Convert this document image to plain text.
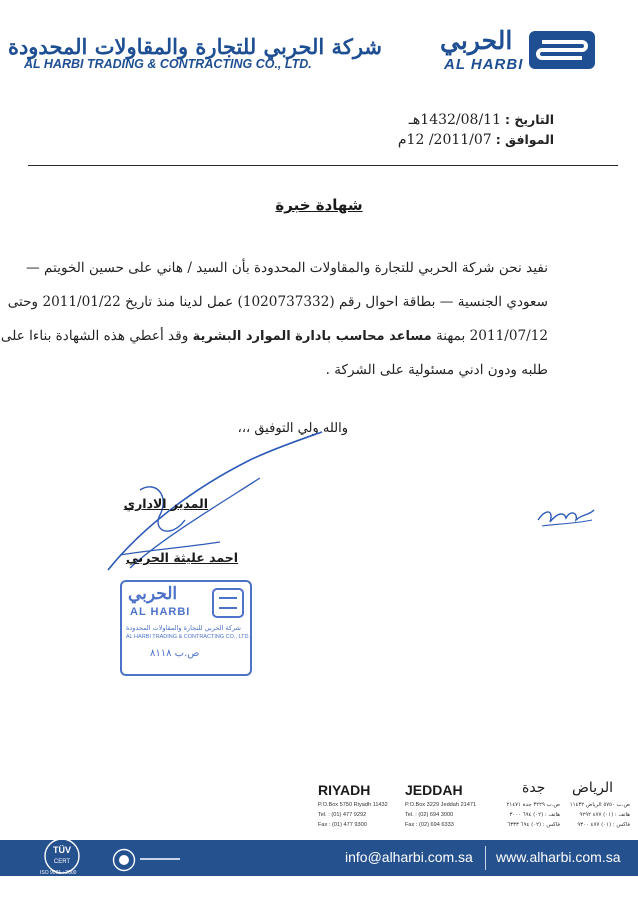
شركة الحربي للتجارة والمقاولات المحدودة
AL HARBI TRADING & CONTRACTING CO., LTD.
الحربي
AL HARBI
التاريخ : 1432/08/11هـ
الموافق : 2011/07/ 12م
شهادة خبرة
نفيد نحن شركة الحربي للتجارة والمقاولات المحدودة بأن السيد / هاني على حسين الخويتم —
سعودي الجنسية — بطاقة احوال رقم (1020737332) عمل لدينا منذ تاريخ 2011/01/22 وحتى
2011/07/12 بمهنة مساعد محاسب بادارة الموارد البشرية وقد أعطي هذه الشهادة بناءا على
طلبه ودون ادني مسئولية على الشركة .
والله ولي التوفيق ،،،
المدير الاداري
احمد عليثة الحربي
الحربي
AL HARBI
شركة الحربي للتجارة والمقاولات المحدودة
AL HARBI TRADING & CONTRACTING CO., LTD.
ص.ب ٨١١٨
RIYADH
P.O.Box 5750 Riyadh 11432
Tel. : (01) 477 9292
Fax : (01) 477 9300
JEDDAH
P.O.Box 3229 Jeddah 21471
Tel. : (02) 694 3000
Fax : (02) 694 6333
جدة
ص.ب ٣٢٢٩ جدة ٢١٤٧١
هاتف : (٠٢) ٦٩٤ ٣٠٠٠
فاكس : (٠٢) ٦٩٤ ٦٣٣٣
الرياض
ص.ب ٥٧٥٠ الرياض ١١٤٣٢
هاتف : (٠١) ٤٧٧ ٩٢٩٢
فاكس : (٠١) ٤٧٧ ٩٣٠٠
info@alharbi.com.sa www.alharbi.com.sa
TÜV
CERT
ISO 9001 : 2000
